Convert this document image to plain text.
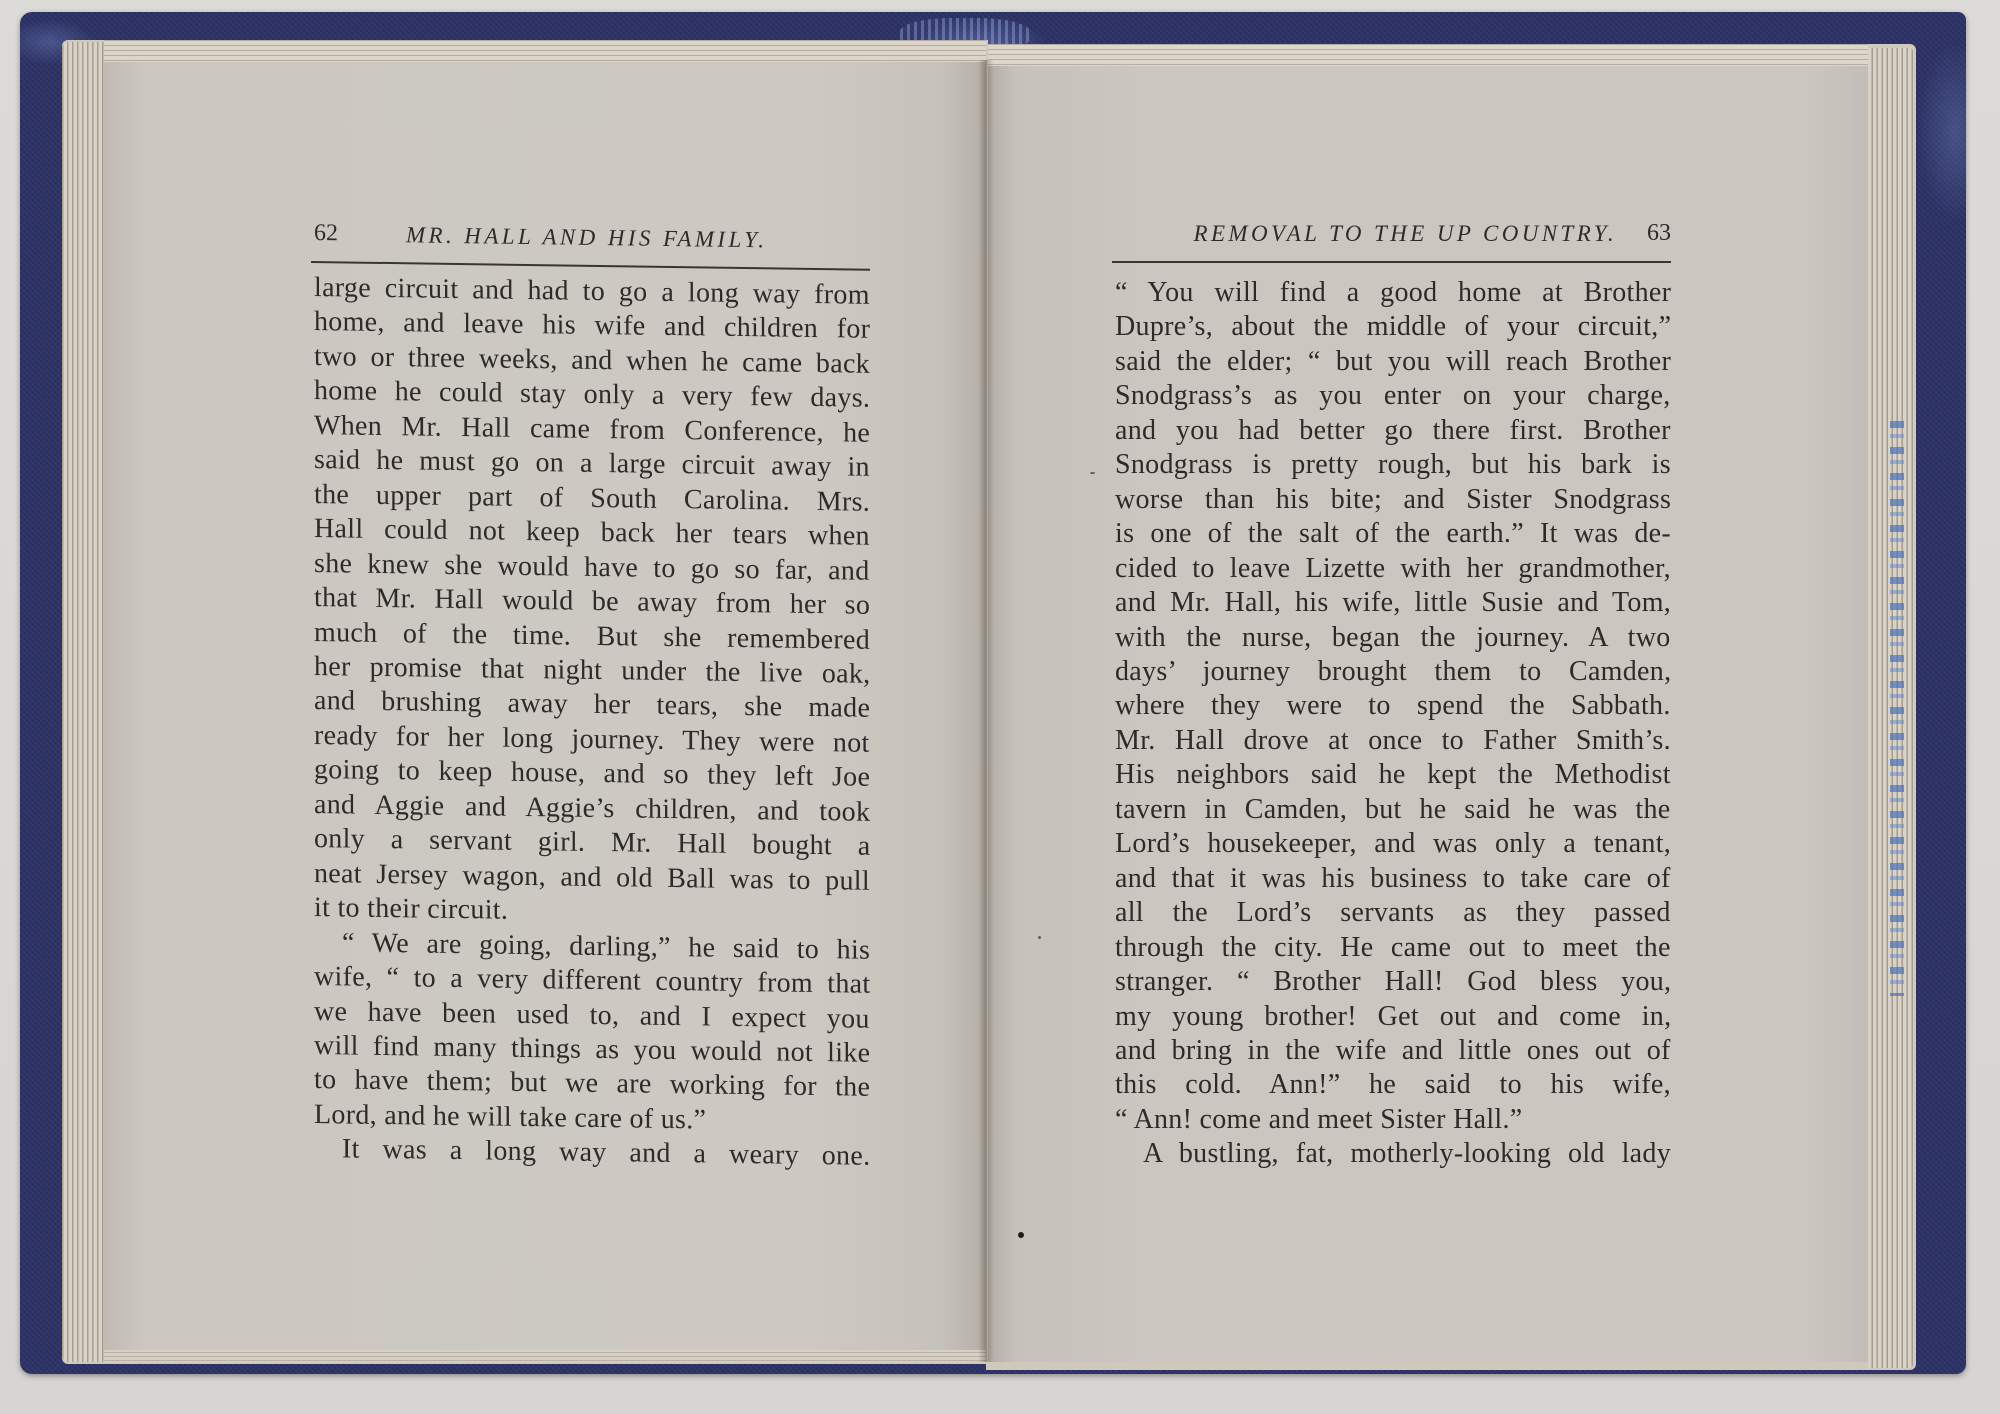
62	MR. HALL AND HIS FAMILY.
large circuit and had to go a long way from
home, and leave his wife and children for
two or three weeks, and when he came back
home he could stay only a very few days.
When Mr. Hall came from Conference, he
said he must go on a large circuit away in
the upper part of South Carolina. Mrs.
Hall could not keep back her tears when
she knew she would have to go so far, and
that Mr. Hall would be away from her so
much of the time. But she remembered
her promise that night under the live oak,
and brushing away her tears, she made
ready for her long journey. They were not
going to keep house, and so they left Joe
and Aggie and Aggie’s children, and took
only a servant girl. Mr. Hall bought a
neat Jersey wagon, and old Ball was to pull
it to their circuit.
“ We are going, darling,” he said to his
wife, “ to a very different country from that
we have been used to, and I expect you
will find many things as you would not like
to have them; but we are working for the
Lord, and he will take care of us.”
It was a long way and a weary one.
REMOVAL TO THE UP COUNTRY. 63
“ You will find a good home at Brother
Dupre’s, about the middle of your circuit,”
said the elder; “ but you will reach Brother
Snodgrass’s as you enter on your charge,
and you had better go there first. Brother
Snodgrass is pretty rough, but his bark is
worse than his bite; and Sister Snodgrass
is one of the salt of the earth.” It was de-
cided to leave Lizette with her grandmother,
and Mr. Hall, his wife, little Susie and Tom,
with the nurse, began the journey. A two
days’ journey brought them to Camden,
where they were to spend the Sabbath.
Mr. Hall drove at once to Father Smith’s.
His neighbors said he kept the Methodist
tavern in Camden, but he said he was the
Lord’s housekeeper, and was only a tenant,
and that it was his business to take care of
all the Lord’s servants as they passed
through the city. He came out to meet the
stranger. “ Brother Hall! God bless you,
my young brother! Get out and come in,
and bring in the wife and little ones out of
this cold. Ann!” he said to his wife,
“ Ann! come and meet Sister Hall.”
A bustling, fat, motherly-looking old lady
